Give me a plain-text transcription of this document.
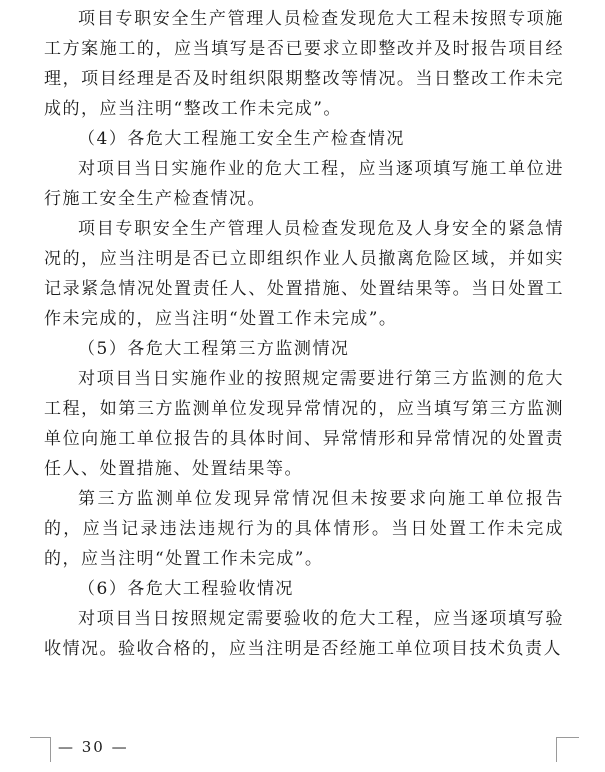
项目专职安全生产管理人员检查发现危大工程未按照专项施工方案施工的，应当填写是否已要求立即整改并及时报告项目经理，项目经理是否及时组织限期整改等情况。当日整改工作未完成的，应当注明“整改工作未完成”。

（4）各危大工程施工安全生产检查情况

对项目当日实施作业的危大工程，应当逐项填写施工单位进行施工安全生产检查情况。

项目专职安全生产管理人员检查发现危及人身安全的紧急情况的，应当注明是否已立即组织作业人员撤离危险区域，并如实记录紧急情况处置责任人、处置措施、处置结果等。当日处置工作未完成的，应当注明“处置工作未完成”。

（5）各危大工程第三方监测情况

对项目当日实施作业的按照规定需要进行第三方监测的危大工程，如第三方监测单位发现异常情况的，应当填写第三方监测单位向施工单位报告的具体时间、异常情形和异常情况的处置责任人、处置措施、处置结果等。

第三方监测单位发现异常情况但未按要求向施工单位报告的，应当记录违法违规行为的具体情形。当日处置工作未完成的，应当注明“处置工作未完成”。

（6）各危大工程验收情况

对项目当日按照规定需要验收的危大工程，应当逐项填写验收情况。验收合格的，应当注明是否经施工单位项目技术负责人

— 30 —
